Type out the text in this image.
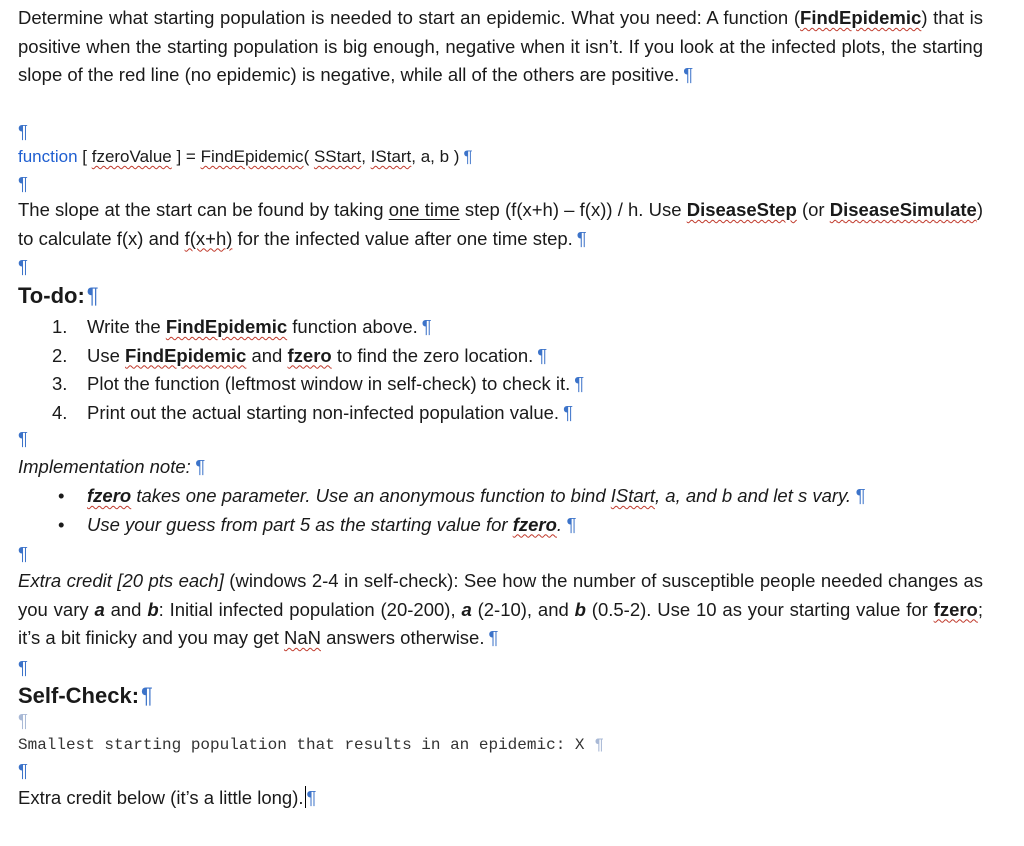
Determine what starting population is needed to start an epidemic. What you need: A function (FindEpidemic) that is positive when the starting population is big enough, negative when it isn’t. If you look at the infected plots, the starting slope of the red line (no epidemic) is negative, while all of the others are positive.¶

¶

function [ fzeroValue ] = FindEpidemic( SStart, IStart, a, b )¶

¶

The slope at the start can be found by taking one time step (f(x+h) – f(x)) / h. Use DiseaseStep (or DiseaseSimulate) to calculate f(x) and f(x+h) for the infected value after one time step.¶

¶

To-do:¶

1.	Write the FindEpidemic function above.¶
2.	Use FindEpidemic and fzero to find the zero location.¶
3.	Plot the function (leftmost window in self-check) to check it.¶
4.	Print out the actual starting non-infected population value.¶

¶

Implementation note:¶

•	fzero takes one parameter. Use an anonymous function to bind IStart, a, and b and let s vary.¶
•	Use your guess from part 5 as the starting value for fzero.¶

¶

Extra credit [20 pts each] (windows 2-4 in self-check): See how the number of susceptible people needed changes as you vary a and b: Initial infected population (20-200), a (2-10), and b (0.5-2). Use 10 as your starting value for fzero; it’s a bit finicky and you may get NaN answers otherwise.¶

¶

Self-Check:¶

¶

Smallest starting population that results in an epidemic: X¶

¶

Extra credit below (it’s a little long).¶
